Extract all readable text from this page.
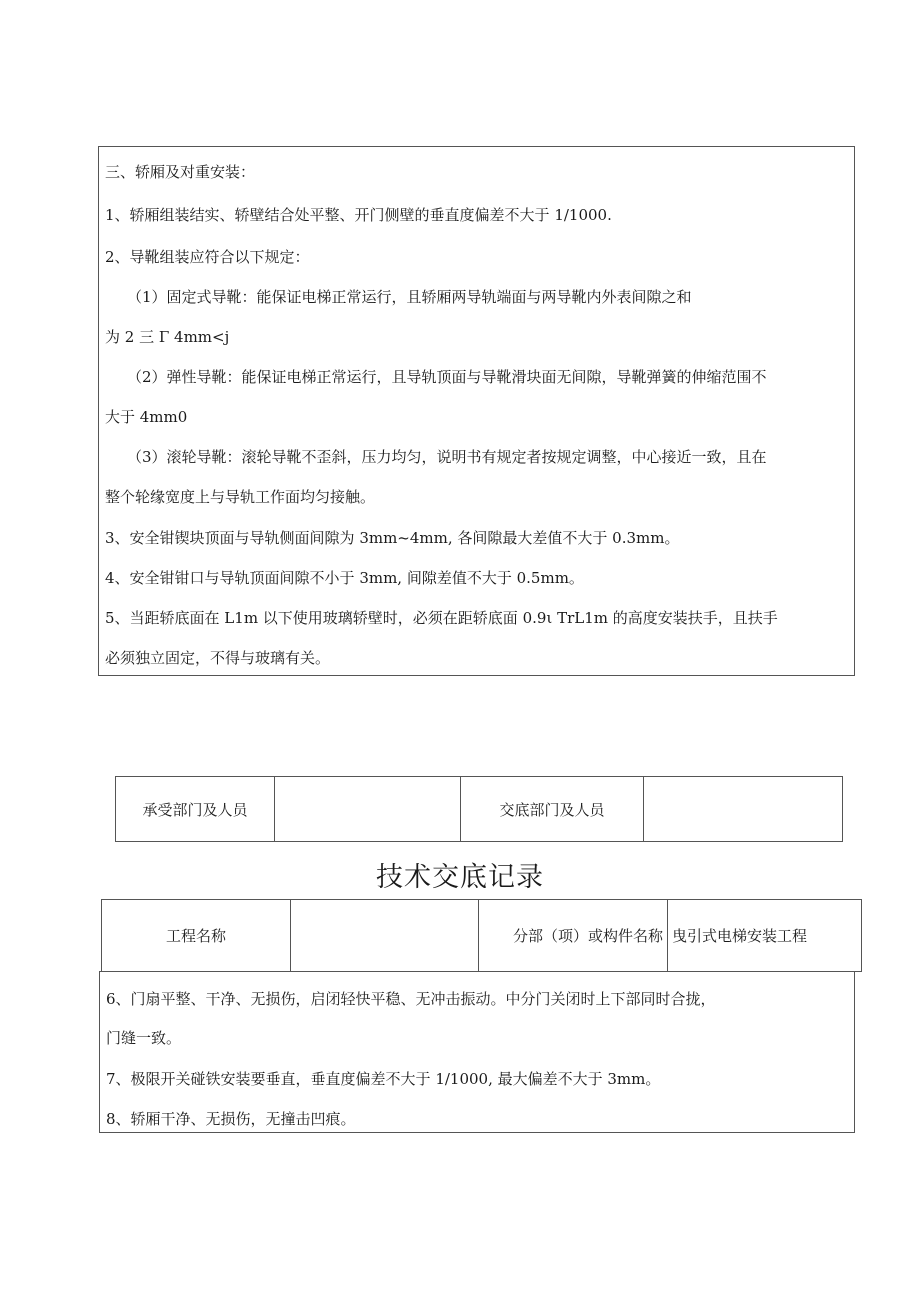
三、轿厢及对重安装：
1、轿厢组装结实、轿壁结合处平整、开门侧壁的垂直度偏差不大于 1/1000.
2、导靴组装应符合以下规定：
（1）固定式导靴：能保证电梯正常运行，且轿厢两导轨端面与两导靴内外表间隙之和
为 2 三 Γ 4mm<j
（2）弹性导靴：能保证电梯正常运行，且导轨顶面与导靴滑块面无间隙，导靴弹簧的伸缩范围不
大于 4mm0
（3）滚轮导靴：滚轮导靴不歪斜，压力均匀，说明书有规定者按规定调整，中心接近一致，且在
整个轮缘宽度上与导轨工作面均匀接触。
3、安全钳锲块顶面与导轨侧面间隙为 3mm~4mm, 各间隙最大差值不大于 0.3mm。
4、安全钳钳口与导轨顶面间隙不小于 3mm, 间隙差值不大于 0.5mm。
5、当距轿底面在 L1m 以下使用玻璃轿壁时，必须在距轿底面 0.9ι TrL1m 的高度安装扶手，且扶手
必须独立固定，不得与玻璃有关。
承受部门及人员		交底部门及人员	
技术交底记录
工程名称		分部（项）或构件名称	曳引式电梯安装工程
6、门扇平整、干净、无损伤，启闭轻快平稳、无冲击振动。中分门关闭时上下部同时合拢，
门缝一致。
7、极限开关碰铁安装要垂直，垂直度偏差不大于 1/1000, 最大偏差不大于 3mm。
8、轿厢干净、无损伤，无撞击凹痕。
